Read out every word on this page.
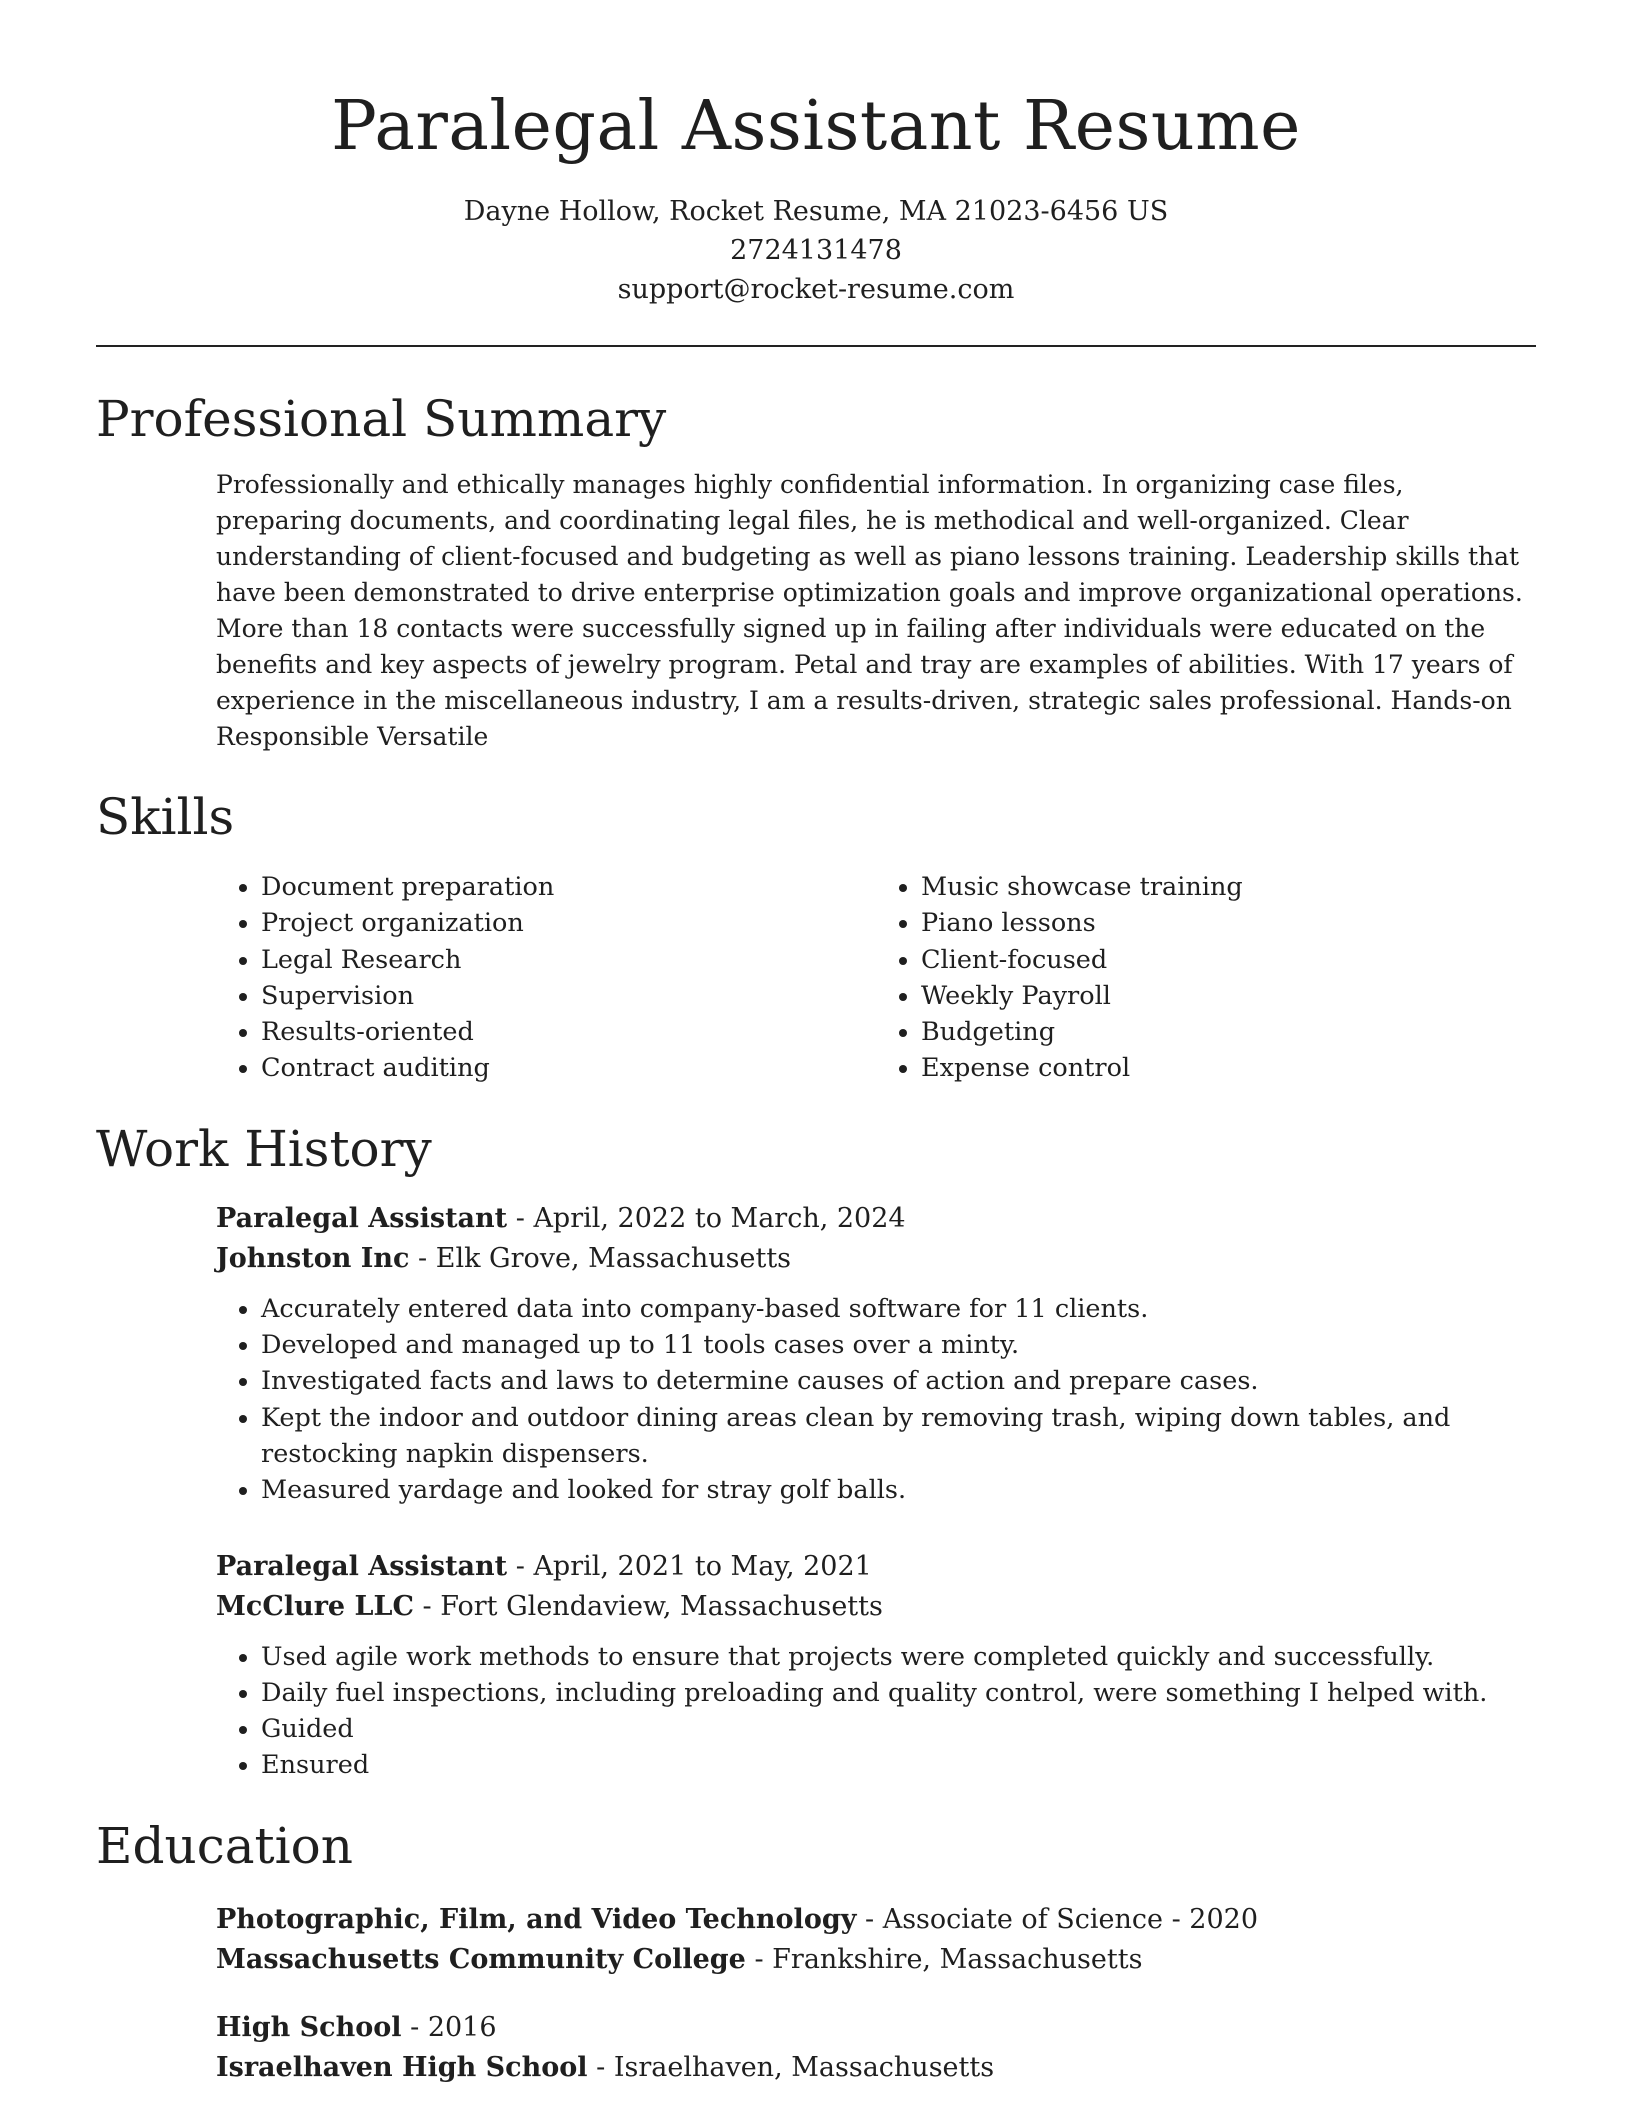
Paralegal Assistant Resume
Dayne Hollow, Rocket Resume, MA 21023-6456 US
2724131478
support@rocket-resume.com
Professional Summary

Professionally and ethically manages highly confidential information. In organizing case files, preparing documents, and coordinating legal files, he is methodical and well-organized. Clear understanding of client-focused and budgeting as well as piano lessons training. Leadership skills that have been demonstrated to drive enterprise optimization goals and improve organizational operations. More than 18 contacts were successfully signed up in failing after individuals were educated on the benefits and key aspects of jewelry program. Petal and tray are examples of abilities. With 17 years of experience in the miscellaneous industry, I am a results-driven, strategic sales professional. Hands-on Responsible Versatile

Skills
• Document preparation
• Project organization
• Legal Research
• Supervision
• Results-oriented
• Contract auditing
• Music showcase training
• Piano lessons
• Client-focused
• Weekly Payroll
• Budgeting
• Expense control
Work History
Paralegal Assistant - April, 2022 to March, 2024
Johnston Inc - Elk Grove, Massachusetts
• Accurately entered data into company-based software for 11 clients.
• Developed and managed up to 11 tools cases over a minty.
• Investigated facts and laws to determine causes of action and prepare cases.
• Kept the indoor and outdoor dining areas clean by removing trash, wiping down tables, and restocking napkin dispensers.
• Measured yardage and looked for stray golf balls.
Paralegal Assistant - April, 2021 to May, 2021
McClure LLC - Fort Glendaview, Massachusetts
• Used agile work methods to ensure that projects were completed quickly and successfully.
• Daily fuel inspections, including preloading and quality control, were something I helped with.
• Guided
• Ensured
Education
Photographic, Film, and Video Technology - Associate of Science - 2020
Massachusetts Community College - Frankshire, Massachusetts
High School - 2016
Israelhaven High School - Israelhaven, Massachusetts
